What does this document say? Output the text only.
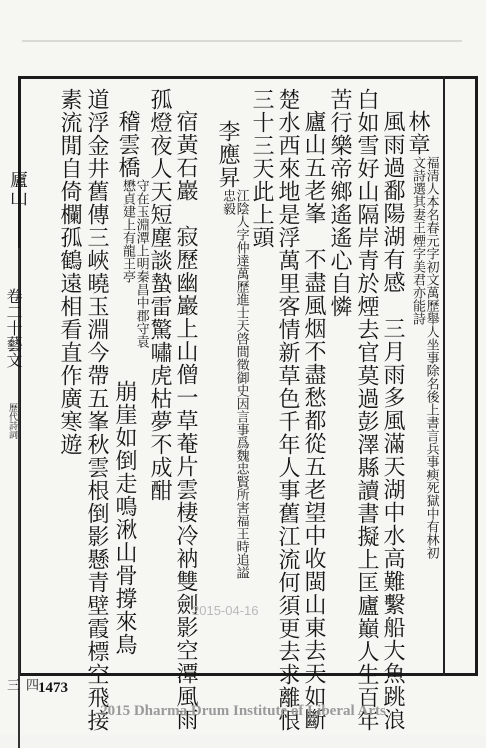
廬山
卷二十藝文
歷代詩詞
四三
林章福清人本名春元字初文萬歷舉人坐事除名後上書言兵事瘐死獄中有林初文詩選其妻王煙字美君亦能詩
風雨過鄱陽湖有感　三月雨多風滿天湖中水高難繫船大魚跳浪
白如雪好山隔岸青於煙去官莫過彭澤縣讀書擬上匡廬巔人生百年
苦行樂帝鄉遙遙心自憐
廬山五老峯　不盡風烟不盡愁都從五老望中收閩山東去天如斷
楚水西來地是浮萬里客情新草色千年人事舊江流何須更去求離恨
三十三天此上頭
李應昇江陰人字仲達萬歷進士天啓間徵御史因言事爲魏忠賢所害福王時追謚忠毅
宿黃石巖　寂歷幽巖上山僧一草菴片雲棲冷衲雙劍影空潭風雨
孤燈夜人天短塵談蟄雷驚嘯虎枯夢不成酣
稽雲橋守在玉淵潭上明秦昌中郡守袁懋貞建上有龍王亭
崩崖如倒走鳴湫山骨撐來鳥
道浮金井舊傳三峽曉玉淵今帶五峯秋雲根倒影懸青壁霞標空飛接
素流閒自倚欄孤鶴遠相看直作廣寒遊
2015-04-16
1473
2015 Dharma Drum Institute of Liberal Arts
